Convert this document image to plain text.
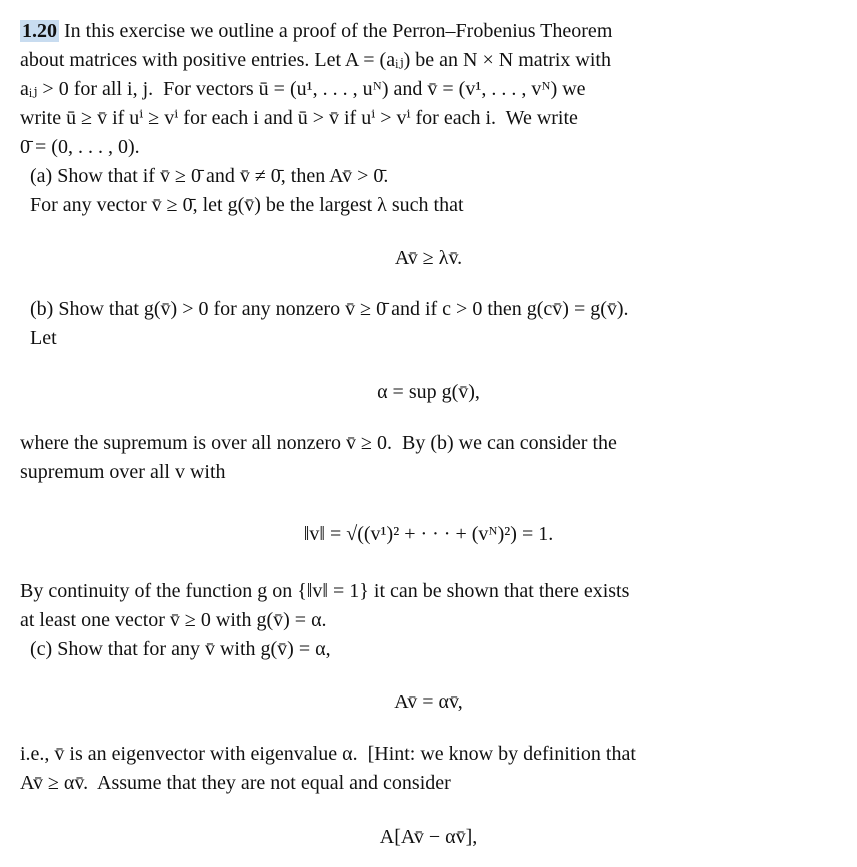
1.20 In this exercise we outline a proof of the Perron–Frobenius Theorem
about matrices with positive entries. Let A = (aᵢⱼ) be an N × N matrix with
aᵢⱼ > 0 for all i, j.  For vectors ū = (u¹, . . . , uᴺ) and v̄ = (v¹, . . . , vᴺ) we
write ū ≥ v̄ if uⁱ ≥ vⁱ for each i and ū > v̄ if uⁱ > vⁱ for each i.  We write
0̄ = (0, . . . , 0).
(a) Show that if v̄ ≥ 0̄ and v̄ ≠ 0̄, then Av̄ > 0̄.
For any vector v̄ ≥ 0̄, let g(v̄) be the largest λ such that
Av̄ ≥ λv̄.
(b) Show that g(v̄) > 0 for any nonzero v̄ ≥ 0̄ and if c > 0 then g(cv̄) = g(v̄).
Let
α = sup g(v̄),
where the supremum is over all nonzero v̄ ≥ 0.  By (b) we can consider the
supremum over all v with
‖v‖ = √((v¹)² + · · · + (vᴺ)²) = 1.
By continuity of the function g on {‖v‖ = 1} it can be shown that there exists
at least one vector v̄ ≥ 0 with g(v̄) = α.
(c) Show that for any v̄ with g(v̄) = α,
Av̄ = αv̄,
i.e., v̄ is an eigenvector with eigenvalue α.  [Hint: we know by definition that
Av̄ ≥ αv̄.  Assume that they are not equal and consider
A[Av̄ − αv̄],
